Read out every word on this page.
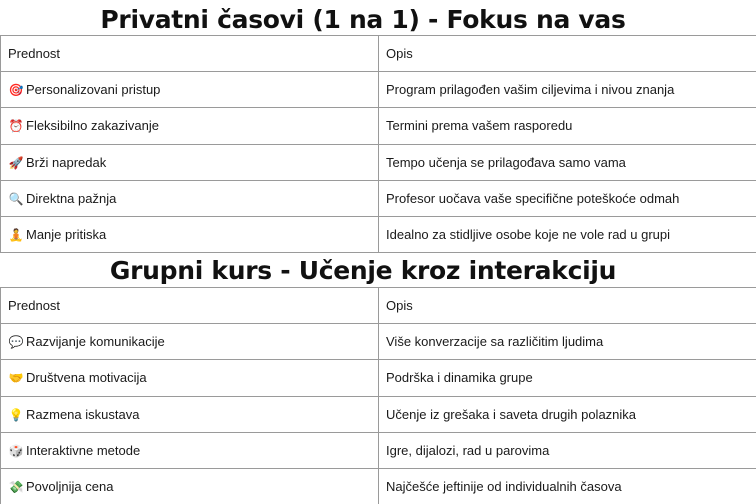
Privatni časovi (1 na 1) - Fokus na vas
Prednost	Opis
🎯 Personalizovani pristup	Program prilagođen vašim ciljevima i nivou znanja
⏰ Fleksibilno zakazivanje	Termini prema vašem rasporedu
🚀 Brži napredak	Tempo učenja se prilagođava samo vama
🔍 Direktna pažnja	Profesor uočava vaše specifične poteškoće odmah
🧘 Manje pritiska	Idealno za stidljive osobe koje ne vole rad u grupi
Grupni kurs - Učenje kroz interakciju
Prednost	Opis
💬 Razvijanje komunikacije	Više konverzacije sa različitim ljudima
🤝 Društvena motivacija	Podrška i dinamika grupe
💡 Razmena iskustava	Učenje iz grešaka i saveta drugih polaznika
🎲 Interaktivne metode	Igre, dijalozi, rad u parovima
💸 Povoljnija cena	Najčešće jeftinije od individualnih časova
